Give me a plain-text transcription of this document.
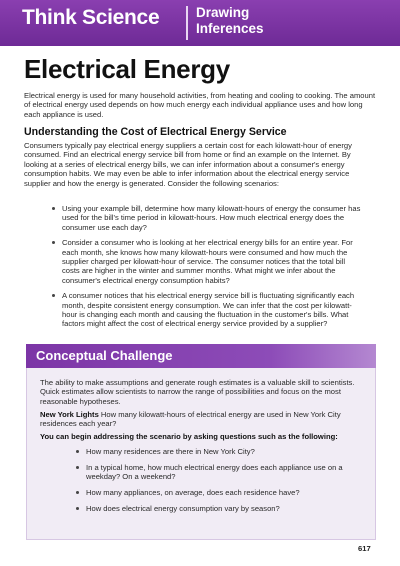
Think Science	Drawing
Inferences
Electrical Energy

Electrical energy is used for many household activities, from heating and cooling to cooking. The amount of electrical energy used depends on how much energy each individual appliance uses and how long each appliance is used.

Understanding the Cost of Electrical Energy Service

Consumers typically pay electrical energy suppliers a certain cost for each kilowatt-hour of energy consumed. Find an electrical energy service bill from home or find an example on the Internet. By looking at a series of electrical energy bills, we can infer information about a consumer's energy consumption habits. We may even be able to infer information about the electrical energy service supplier and how the energy is generated. Consider the following scenarios:

Using your example bill, determine how many kilowatt-hours of energy the consumer has used for the bill's time period in kilowatt-hours. How much electrical energy does the consumer use each day?
Consider a consumer who is looking at her electrical energy bills for an entire year. For each month, she knows how many kilowatt-hours were consumed and how much the supplier charged per kilowatt-hour of service. The consumer notices that the total bill costs are higher in the winter and summer months. What might we infer about the consumer's electrical energy consumption habits?
A consumer notices that his electrical energy service bill is fluctuating significantly each month, despite consistent energy consumption. We can infer that the cost per kilowatt-hour is changing each month and causing the fluctuation in the customer's bills. What factors might affect the cost of electrical energy service provided by a supplier?
Conceptual Challenge

The ability to make assumptions and generate rough estimates is a valuable skill to scientists. Quick estimates allow scientists to narrow the range of possibilities and focus on the most reasonable hypotheses.

New York Lights How many kilowatt-hours of electrical energy are used in New York City residences each year?

You can begin addressing the scenario by asking questions such as the following:

How many residences are there in New York City?
In a typical home, how much electrical energy does each appliance use on a weekday? On a weekend?
How many appliances, on average, does each residence have?
How does electrical energy consumption vary by season?
617
